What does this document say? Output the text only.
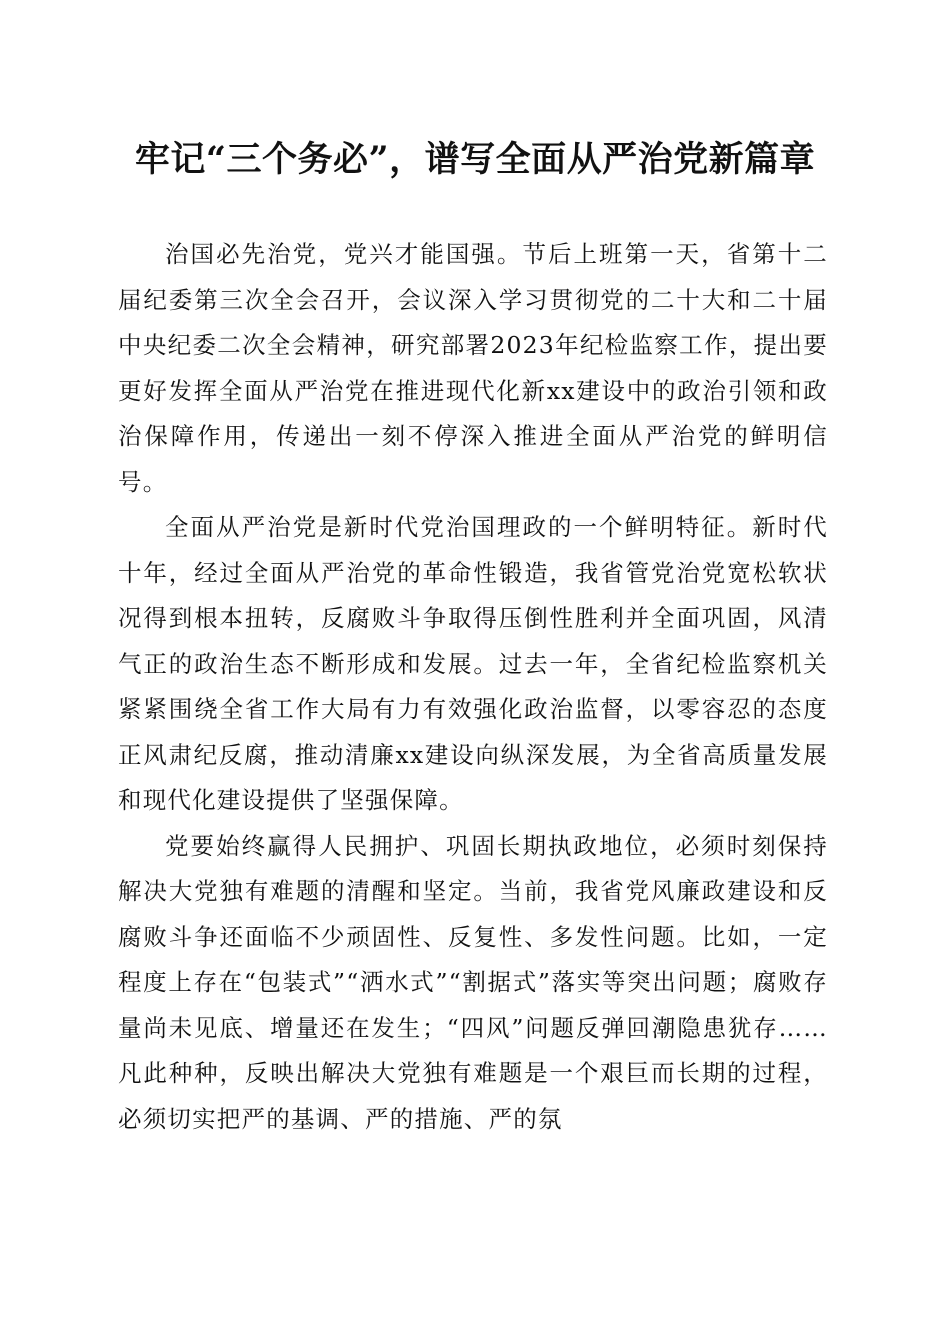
牢记“三个务必”，谱写全面从严治党新篇章

治国必先治党，党兴才能国强。节后上班第一天，省第十二届纪委第三次全会召开，会议深入学习贯彻党的二十大和二十届中央纪委二次全会精神，研究部署2023年纪检监察工作，提出要更好发挥全面从严治党在推进现代化新xx建设中的政治引领和政治保障作用，传递出一刻不停深入推进全面从严治党的鲜明信号。

全面从严治党是新时代党治国理政的一个鲜明特征。新时代十年，经过全面从严治党的革命性锻造，我省管党治党宽松软状况得到根本扭转，反腐败斗争取得压倒性胜利并全面巩固，风清气正的政治生态不断形成和发展。过去一年，全省纪检监察机关紧紧围绕全省工作大局有力有效强化政治监督，以零容忍的态度正风肃纪反腐，推动清廉xx建设向纵深发展，为全省高质量发展和现代化建设提供了坚强保障。

党要始终赢得人民拥护、巩固长期执政地位，必须时刻保持解决大党独有难题的清醒和坚定。当前，我省党风廉政建设和反腐败斗争还面临不少顽固性、反复性、多发性问题。比如，一定程度上存在“包装式”“洒水式”“割据式”落实等突出问题；腐败存量尚未见底、增量还在发生；“四风”问题反弹回潮隐患犹存……凡此种种，反映出解决大党独有难题是一个艰巨而长期的过程，必须切实把严的基调、严的措施、严的氛
